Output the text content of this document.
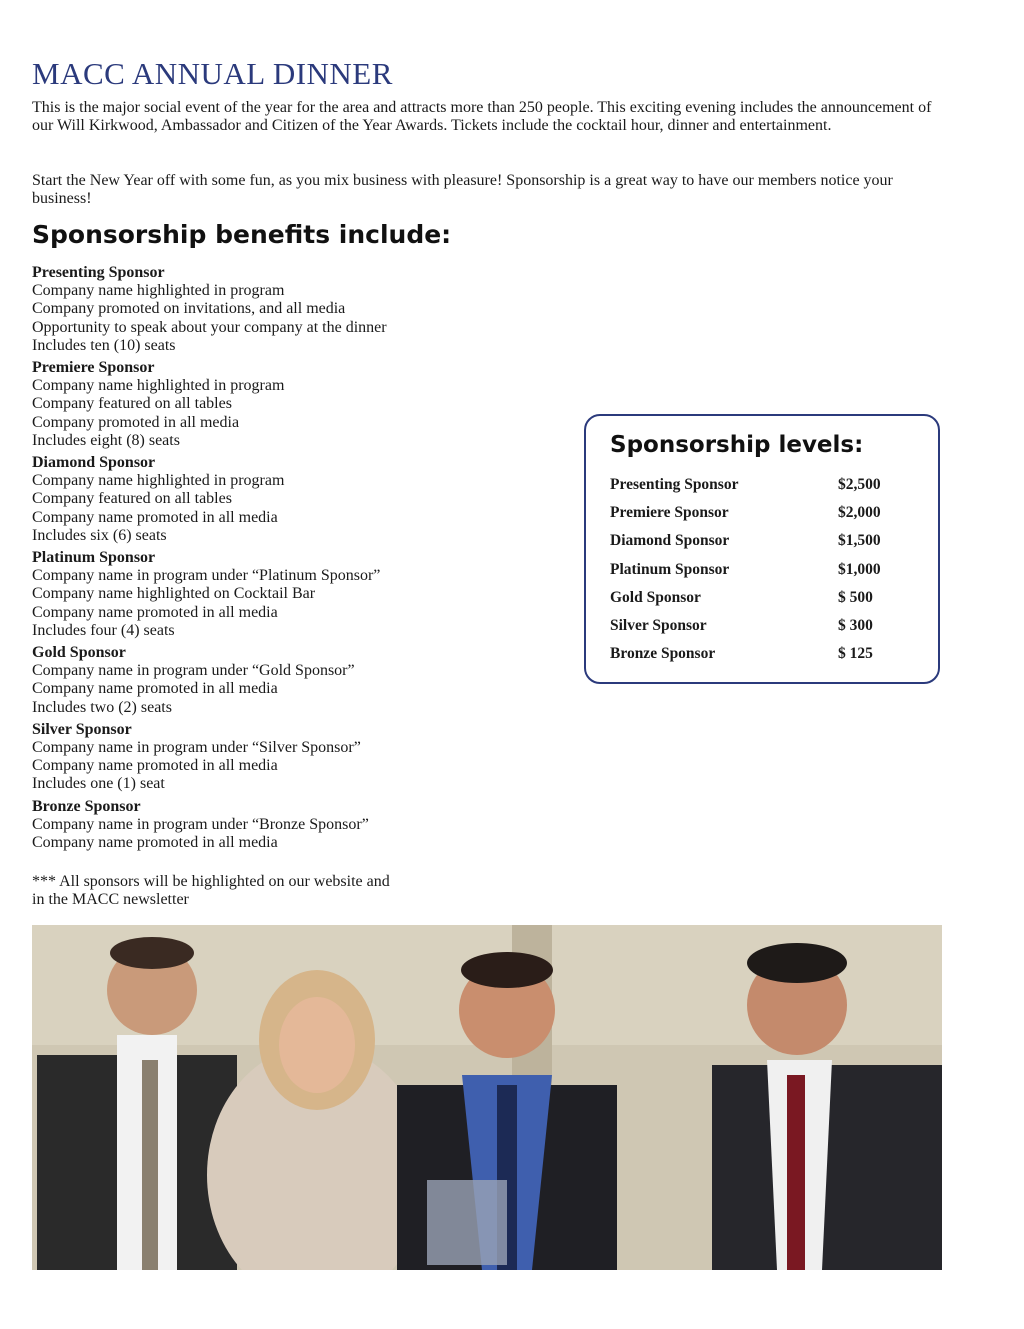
MACC ANNUAL DINNER

This is the major social event of the year for the area and attracts more than 250 people. This exciting evening includes the announcement of our Will Kirkwood, Ambassador and Citizen of the Year Awards. Tickets include the cocktail hour, dinner and entertainment.

Start the New Year off with some fun, as you mix business with pleasure! Sponsorship is a great way to have our members notice your business!

Sponsorship benefits include:
Presenting Sponsor
Company name highlighted in program
Company promoted on invitations, and all media
Opportunity to speak about your company at the dinner
Includes ten (10) seats
Premiere Sponsor
Company name highlighted in program
Company featured on all tables
Company promoted in all media
Includes eight (8) seats
Diamond Sponsor
Company name highlighted in program
Company featured on all tables
Company name promoted in all media
Includes six (6) seats
Platinum Sponsor
Company name in program under “Platinum Sponsor”
Company name highlighted on Cocktail Bar
Company name promoted in all media
Includes four (4) seats
Gold Sponsor
Company name in program under “Gold Sponsor”
Company name promoted in all media
Includes two (2) seats
Silver Sponsor
Company name in program under “Silver Sponsor”
Company name promoted in all media
Includes one (1) seat
Bronze Sponsor
Company name in program under “Bronze Sponsor”
Company name promoted in all media

*** All sponsors will be highlighted on our website and in the MACC newsletter

Sponsorship levels:
Presenting Sponsor	$2,500
Premiere Sponsor	$2,000
Diamond Sponsor	$1,500
Platinum Sponsor	$1,000
Gold Sponsor	$ 500
Silver Sponsor	$ 300
Bronze Sponsor	$ 125
